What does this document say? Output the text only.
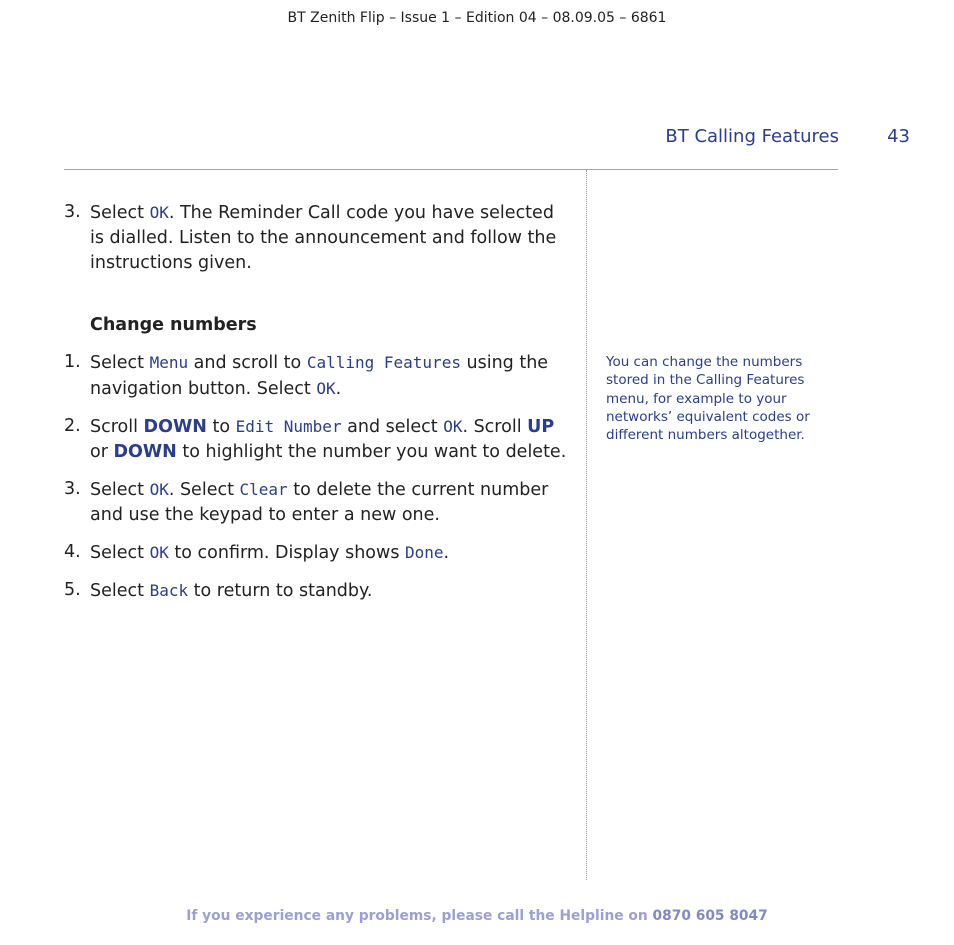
BT Zenith Flip – Issue 1 – Edition 04 – 08.09.05 – 6861
BT Calling Features	43
3. Select OK. The Reminder Call code you have selected is dialled. Listen to the announcement and follow the instructions given.
Change numbers
1. Select Menu and scroll to Calling Features using the navigation button. Select OK.
2. Scroll DOWN to Edit Number and select OK. Scroll UP or DOWN to highlight the number you want to delete.
3. Select OK. Select Clear to delete the current number and use the keypad to enter a new one.
4. Select OK to confirm. Display shows Done.
5. Select Back to return to standby.
You can change the numbers stored in the Calling Features menu, for example to your networks’ equivalent codes or different numbers altogether.
If you experience any problems, please call the Helpline on 0870 605 8047
